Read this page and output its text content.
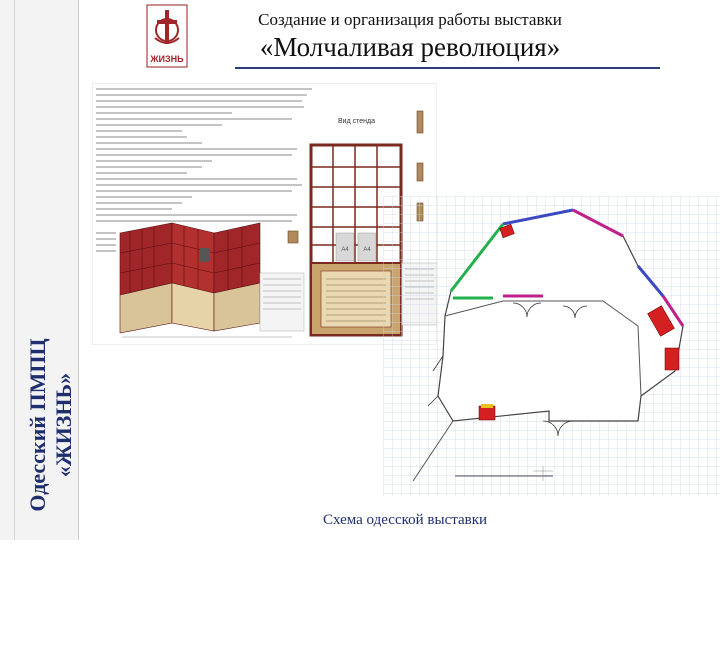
Одесский ПМПЦ «ЖИЗНЬ»
ЖИЗНЬ
Создание и организация работы выставки
«Молчаливая революция»
Вид стенда
А4 А4
Схема одесской выставки
